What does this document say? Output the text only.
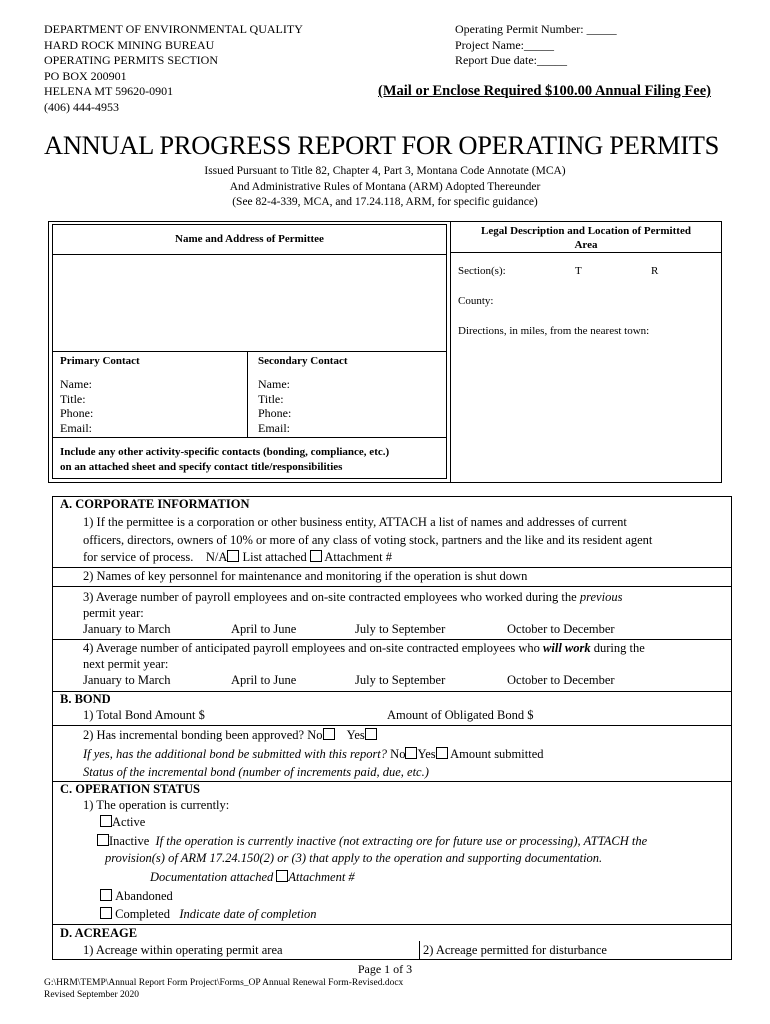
DEPARTMENT OF ENVIRONMENTAL QUALITY
HARD ROCK MINING BUREAU
OPERATING PERMITS SECTION
PO BOX 200901
HELENA MT 59620-0901
(406) 444-4953
Operating Permit Number: _____
Project Name:_____
Report Due date:_____
(Mail or Enclose Required $100.00 Annual Filing Fee)
ANNUAL PROGRESS REPORT FOR OPERATING PERMITS
Issued Pursuant to Title 82, Chapter 4, Part 3, Montana Code Annotate (MCA)
And Administrative Rules of Montana (ARM) Adopted Thereunder
(See 82-4-339, MCA, and 17.24.118, ARM, for specific guidance)
Name and Address of Permittee
Primary Contact	Secondary Contact
Name:
Title:
Phone:
Email:
Name:
Title:
Phone:
Email:
Include any other activity-specific contacts (bonding, compliance, etc.)
on an attached sheet and specify contact title/responsibilities
Legal Description and Location of Permitted
Area
Section(s):	T	R
County:
Directions, in miles, from the nearest town:
A. CORPORATE INFORMATION
1) If the permittee is a corporation or other business entity, ATTACH a list of names and addresses of current
officers, directors, owners of 10% or more of any class of voting stock, partners and the like and its resident agent
for service of process. N/A List attached Attachment #
2) Names of key personnel for maintenance and monitoring if the operation is shut down
3) Average number of payroll employees and on-site contracted employees who worked during the previous
permit year:
January to March	April to June	July to September	October to December
4) Average number of anticipated payroll employees and on-site contracted employees who will work during the
next permit year:
January to March	April to June	July to September	October to December
B. BOND
1) Total Bond Amount $	Amount of Obligated Bond $
2) Has incremental bonding been approved? No Yes
If yes, has the additional bond be submitted with this report? No Yes Amount submitted
Status of the incremental bond (number of increments paid, due, etc.)
C. OPERATION STATUS
1) The operation is currently:
Active
Inactive If the operation is currently inactive (not extracting ore for future use or processing), ATTACH the
provision(s) of ARM 17.24.150(2) or (3) that apply to the operation and supporting documentation.
Documentation attached Attachment #
Abandoned
Completed Indicate date of completion
D. ACREAGE
1) Acreage within operating permit area	2) Acreage permitted for disturbance
Page 1 of 3
G:\HRM\TEMP\Annual Report Form Project\Forms_OP Annual Renewal Form-Revised.docx
Revised September 2020
